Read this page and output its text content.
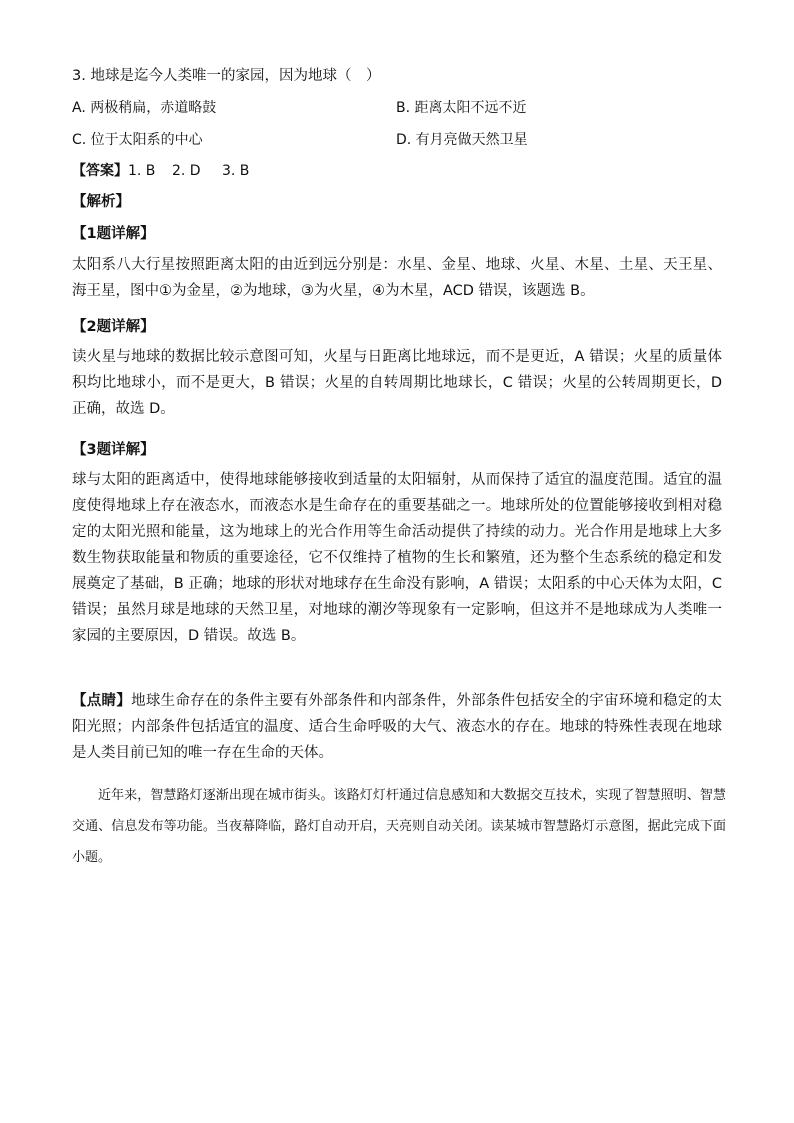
3. 地球是迄今人类唯一的家园，因为地球（　）
A. 两极稍扁，赤道略鼓	B. 距离太阳不远不近
C. 位于太阳系的中心	D. 有月亮做天然卫星
【答案】1. B 2. D 3. B
【解析】
【1题详解】
太阳系八大行星按照距离太阳的由近到远分别是：水星、金星、地球、火星、木星、土星、天王星、海王星，图中①为金星，②为地球，③为火星，④为木星，ACD 错误，该题选 B。
【2题详解】
读火星与地球的数据比较示意图可知，火星与日距离比地球远，而不是更近，A 错误；火星的质量体积均比地球小，而不是更大，B 错误；火星的自转周期比地球长，C 错误；火星的公转周期更长，D 正确，故选 D。
【3题详解】
球与太阳的距离适中，使得地球能够接收到适量的太阳辐射，从而保持了适宜的温度范围。适宜的温度使得地球上存在液态水，而液态水是生命存在的重要基础之一。地球所处的位置能够接收到相对稳定的太阳光照和能量，这为地球上的光合作用等生命活动提供了持续的动力。光合作用是地球上大多数生物获取能量和物质的重要途径，它不仅维持了植物的生长和繁殖，还为整个生态系统的稳定和发展奠定了基础，B 正确；地球的形状对地球存在生命没有影响，A 错误；太阳系的中心天体为太阳，C 错误；虽然月球是地球的天然卫星，对地球的潮汐等现象有一定影响，但这并不是地球成为人类唯一家园的主要原因，D 错误。故选 B。
【点睛】地球生命存在的条件主要有外部条件和内部条件，外部条件包括安全的宇宙环境和稳定的太阳光照；内部条件包括适宜的温度、适合生命呼吸的大气、液态水的存在。地球的特殊性表现在地球是人类目前已知的唯一存在生命的天体。
近年来，智慧路灯逐渐出现在城市街头。该路灯灯杆通过信息感知和大数据交互技术，实现了智慧照明、智慧交通、信息发布等功能。当夜幕降临，路灯自动开启，天亮则自动关闭。读某城市智慧路灯示意图，据此完成下面小题。
